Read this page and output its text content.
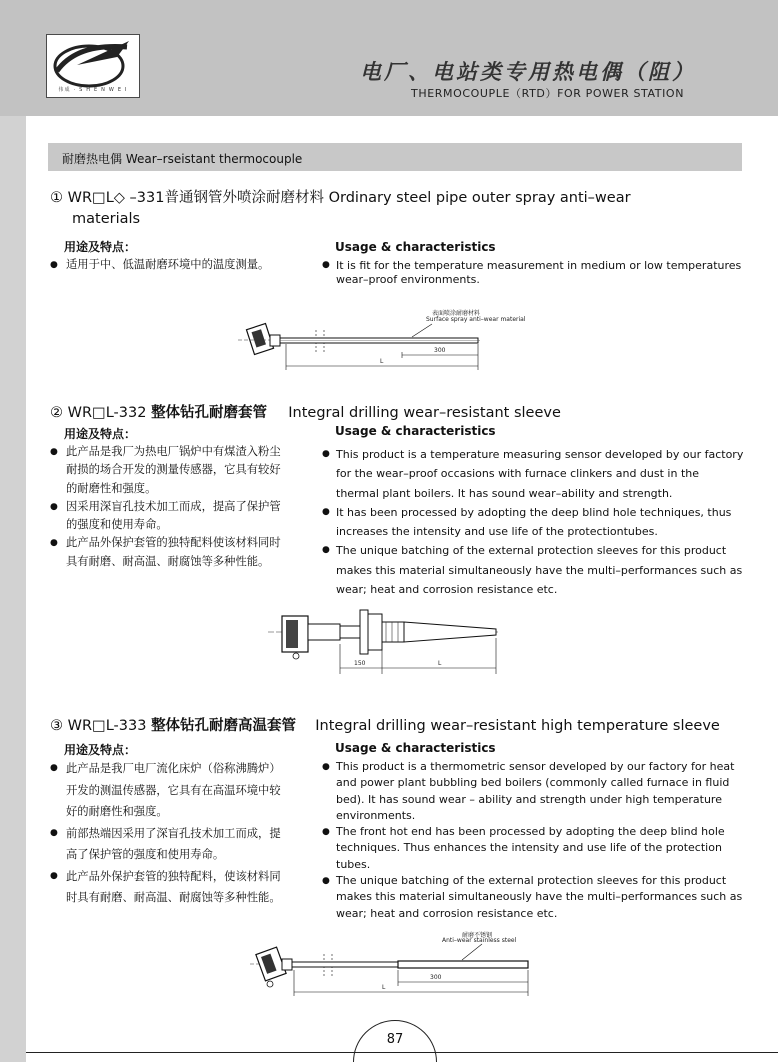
伟成 · S H E N W E I
电厂、电站类专用热电偶（阻）
THERMOCOUPLE（RTD）FOR POWER STATION
耐磨热电偶 Wear–rseistant thermocouple
① WR□L◇ –331普通钢管外喷涂耐磨材料 Ordinary steel pipe outer spray anti–wear
materials
用途及特点：	Usage & characteristics
● 适用于中、低温耐磨环境中的温度测量。
●	It is fit for the temperature measurement in medium or low temperatures wear–proof environments.
表面喷涂耐磨材料
Surface spray anti–wear material
300
L
② WR□L-332 整体钻孔耐磨套管 Integral drilling wear–resistant sleeve
用途及特点：	Usage & characteristics
● 此产品是我厂为热电厂锅炉中有煤渣入粉尘耐损的场合开发的测量传感器，它具有较好的耐磨性和强度。
● 因采用深盲孔技术加工而成，提高了保护管的强度和使用寿命。
● 此产品外保护套管的独特配料使该材料同时具有耐磨、耐高温、耐腐蚀等多种性能。
● This product is a temperature measuring sensor developed by our factory for the wear–proof occasions with furnace clinkers and dust in the thermal plant boilers. It has sound wear–ability and strength.
● It has been processed by adopting the deep blind hole techniques, thus increases the intensity and use life of the protectiontubes.
● The unique batching of the external protection sleeves for this product makes this material simultaneously have the multi–performances such as wear; heat and corrosion resistance etc.
150	L
③ WR□L-333 整体钻孔耐磨高温套管 Integral drilling wear–resistant high temperature sleeve
用途及特点：	Usage & characteristics
● 此产品是我厂电厂流化床炉（俗称沸腾炉）开发的测温传感器，它具有在高温环境中较好的耐磨性和强度。
● 前部热端因采用了深盲孔技术加工而成，提高了保护管的强度和使用寿命。
● 此产品外保护套管的独特配料，使该材料同时具有耐磨、耐高温、耐腐蚀等多种性能。
● This product is a thermometric sensor developed by our factory for heat and power plant bubbling bed boilers (commonly called furnace in fluid bed). It has sound wear – ability and strength under high temperature environments.
● The front hot end has been processed by adopting the deep blind hole techniques. Thus enhances the intensity and use life of the protection tubes.
● The unique batching of the external protection sleeves for this product makes this material simultaneously have the multi–performances such as wear; heat and corrosion resistance etc.
耐磨不锈钢
Anti–wear stainless steel
300
L
87
